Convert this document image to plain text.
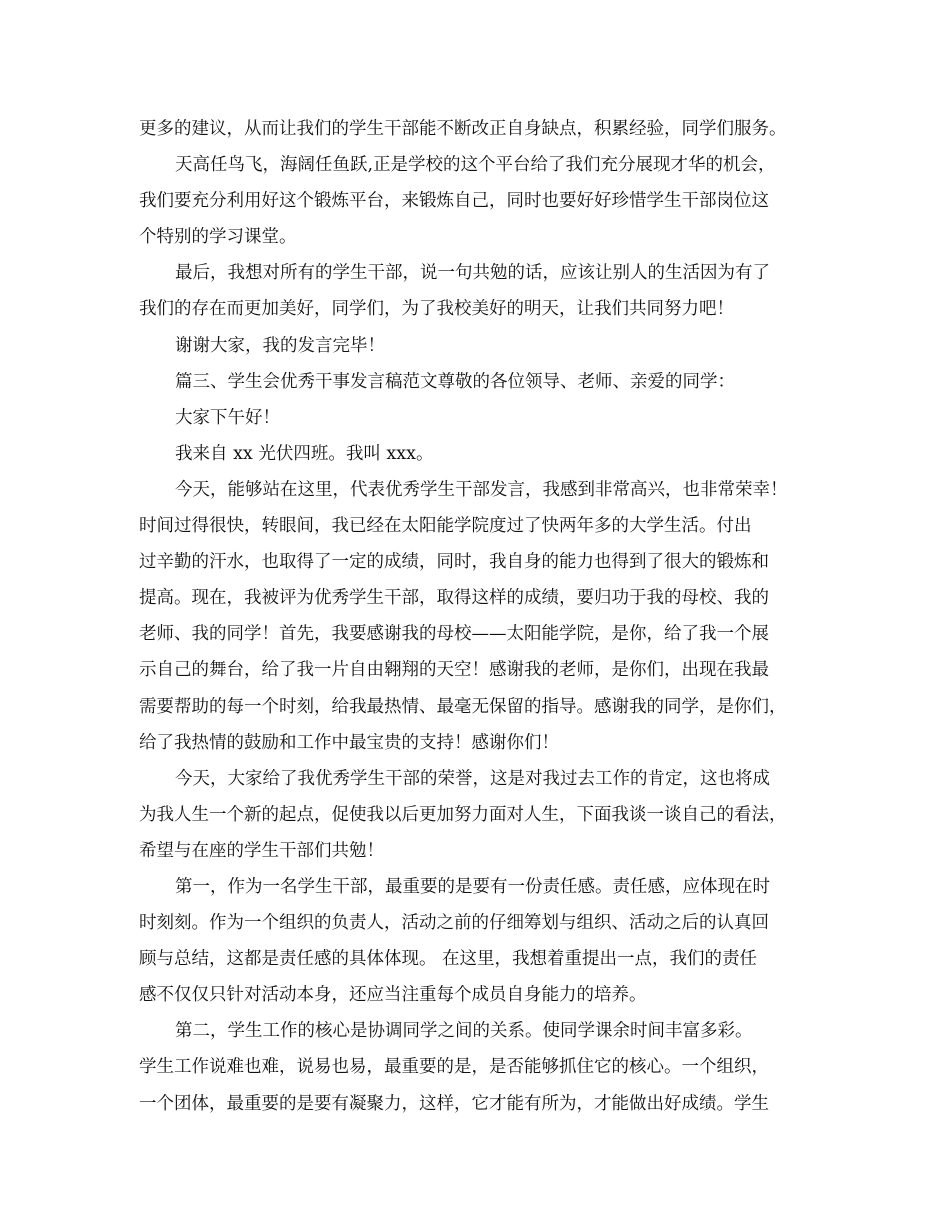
更多的建议，从而让我们的学生干部能不断改正自身缺点，积累经验，同学们服务。
天高任鸟飞，海阔任鱼跃,正是学校的这个平台给了我们充分展现才华的机会，
我们要充分利用好这个锻炼平台，来锻炼自己，同时也要好好珍惜学生干部岗位这
个特别的学习课堂。
最后，我想对所有的学生干部，说一句共勉的话，应该让别人的生活因为有了
我们的存在而更加美好，同学们，为了我校美好的明天，让我们共同努力吧！
谢谢大家，我的发言完毕！
篇三、学生会优秀干事发言稿范文尊敬的各位领导、老师、亲爱的同学：
大家下午好！
我来自 xx 光伏四班。我叫 xxx。
今天，能够站在这里，代表优秀学生干部发言，我感到非常高兴，也非常荣幸！
时间过得很快，转眼间，我已经在太阳能学院度过了快两年多的大学生活。付出
过辛勤的汗水，也取得了一定的成绩，同时，我自身的能力也得到了很大的锻炼和
提高。现在，我被评为优秀学生干部，取得这样的成绩，要归功于我的母校、我的
老师、我的同学！首先，我要感谢我的母校——太阳能学院，是你，给了我一个展
示自己的舞台，给了我一片自由翱翔的天空！感谢我的老师，是你们，出现在我最
需要帮助的每一个时刻，给我最热情、最毫无保留的指导。感谢我的同学，是你们，
给了我热情的鼓励和工作中最宝贵的支持！感谢你们！
今天，大家给了我优秀学生干部的荣誉，这是对我过去工作的肯定，这也将成
为我人生一个新的起点，促使我以后更加努力面对人生，下面我谈一谈自己的看法，
希望与在座的学生干部们共勉！
第一，作为一名学生干部，最重要的是要有一份责任感。责任感，应体现在时
时刻刻。作为一个组织的负责人，活动之前的仔细筹划与组织、活动之后的认真回
顾与总结，这都是责任感的具体体现。 在这里，我想着重提出一点，我们的责任
感不仅仅只针对活动本身，还应当注重每个成员自身能力的培养。
第二，学生工作的核心是协调同学之间的关系。使同学课余时间丰富多彩。
学生工作说难也难，说易也易，最重要的是，是否能够抓住它的核心。一个组织，
一个团体，最重要的是要有凝聚力，这样，它才能有所为，才能做出好成绩。学生
